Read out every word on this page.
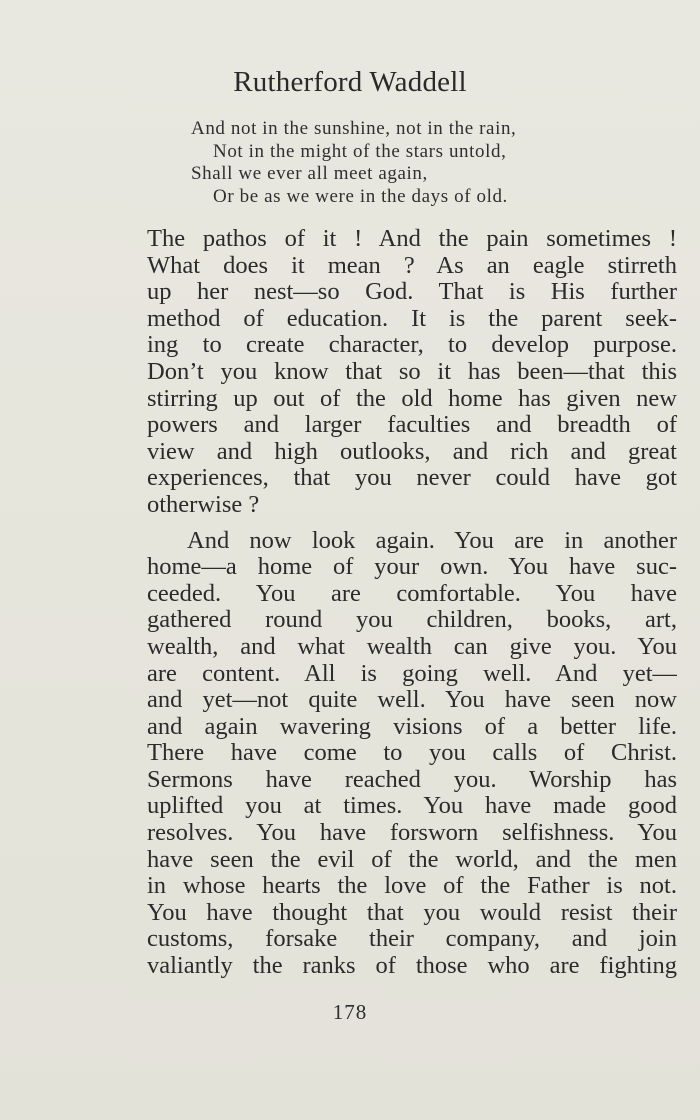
Rutherford Waddell
And not in the sunshine, not in the rain,
Not in the might of the stars untold,
Shall we ever all meet again,
Or be as we were in the days of old.
The pathos of it ! And the pain sometimes !
What does it mean ? As an eagle stirreth
up her nest—so God. That is His further
method of education. It is the parent seek-
ing to create character, to develop purpose.
Don’t you know that so it has been—that this
stirring up out of the old home has given new
powers and larger faculties and breadth of
view and high outlooks, and rich and great
experiences, that you never could have got
otherwise ?
And now look again. You are in another
home—a home of your own. You have suc-
ceeded. You are comfortable. You have
gathered round you children, books, art,
wealth, and what wealth can give you. You
are content. All is going well. And yet—
and yet—not quite well. You have seen now
and again wavering visions of a better life.
There have come to you calls of Christ.
Sermons have reached you. Worship has
uplifted you at times. You have made good
resolves. You have forsworn selfishness. You
have seen the evil of the world, and the men
in whose hearts the love of the Father is not.
You have thought that you would resist their
customs, forsake their company, and join
valiantly the ranks of those who are fighting
178
